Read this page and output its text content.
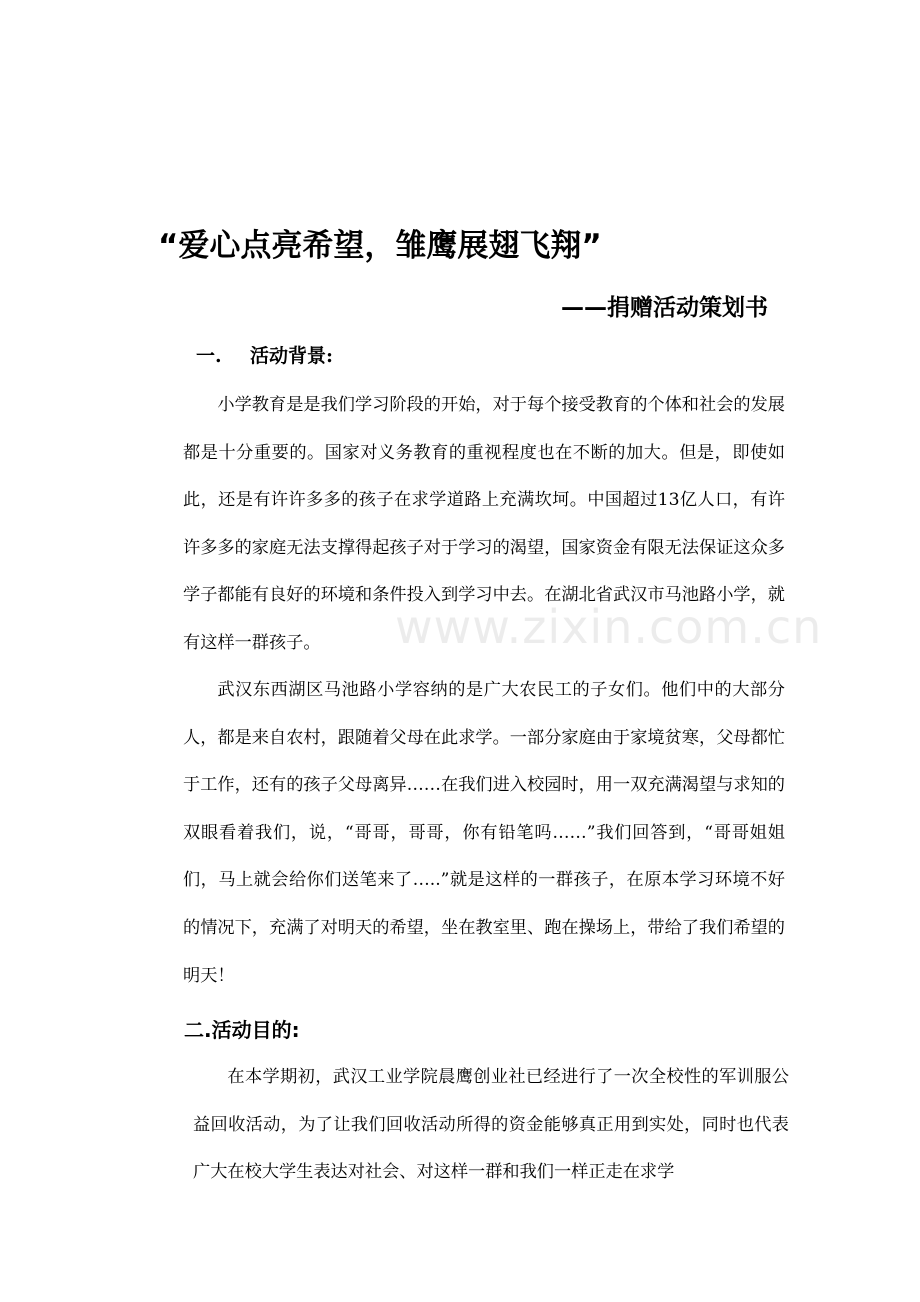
www.zixin.com.cn
“爱心点亮希望，雏鹰展翅飞翔”
——捐赠活动策划书
一. 活动背景:

小学教育是是我们学习阶段的开始，对于每个接受教育的个体和社会的发展都是十分重要的。国家对义务教育的重视程度也在不断的加大。但是，即使如此，还是有许许多多的孩子在求学道路上充满坎坷。中国超过13亿人口，有许许多多的家庭无法支撑得起孩子对于学习的渴望，国家资金有限无法保证这众多学子都能有良好的环境和条件投入到学习中去。在湖北省武汉市马池路小学，就有这样一群孩子。

武汉东西湖区马池路小学容纳的是广大农民工的子女们。他们中的大部分人，都是来自农村，跟随着父母在此求学。一部分家庭由于家境贫寒，父母都忙于工作，还有的孩子父母离异……在我们进入校园时，用一双充满渴望与求知的双眼看着我们，说，“哥哥，哥哥，你有铅笔吗……”我们回答到，“哥哥姐姐们，马上就会给你们送笔来了…..”就是这样的一群孩子，在原本学习环境不好的情况下，充满了对明天的希望，坐在教室里、跑在操场上，带给了我们希望的明天！

二.活动目的:

在本学期初，武汉工业学院晨鹰创业社已经进行了一次全校性的军训服公益回收活动，为了让我们回收活动所得的资金能够真正用到实处，同时也代表广大在校大学生表达对社会、对这样一群和我们一样正走在求学
